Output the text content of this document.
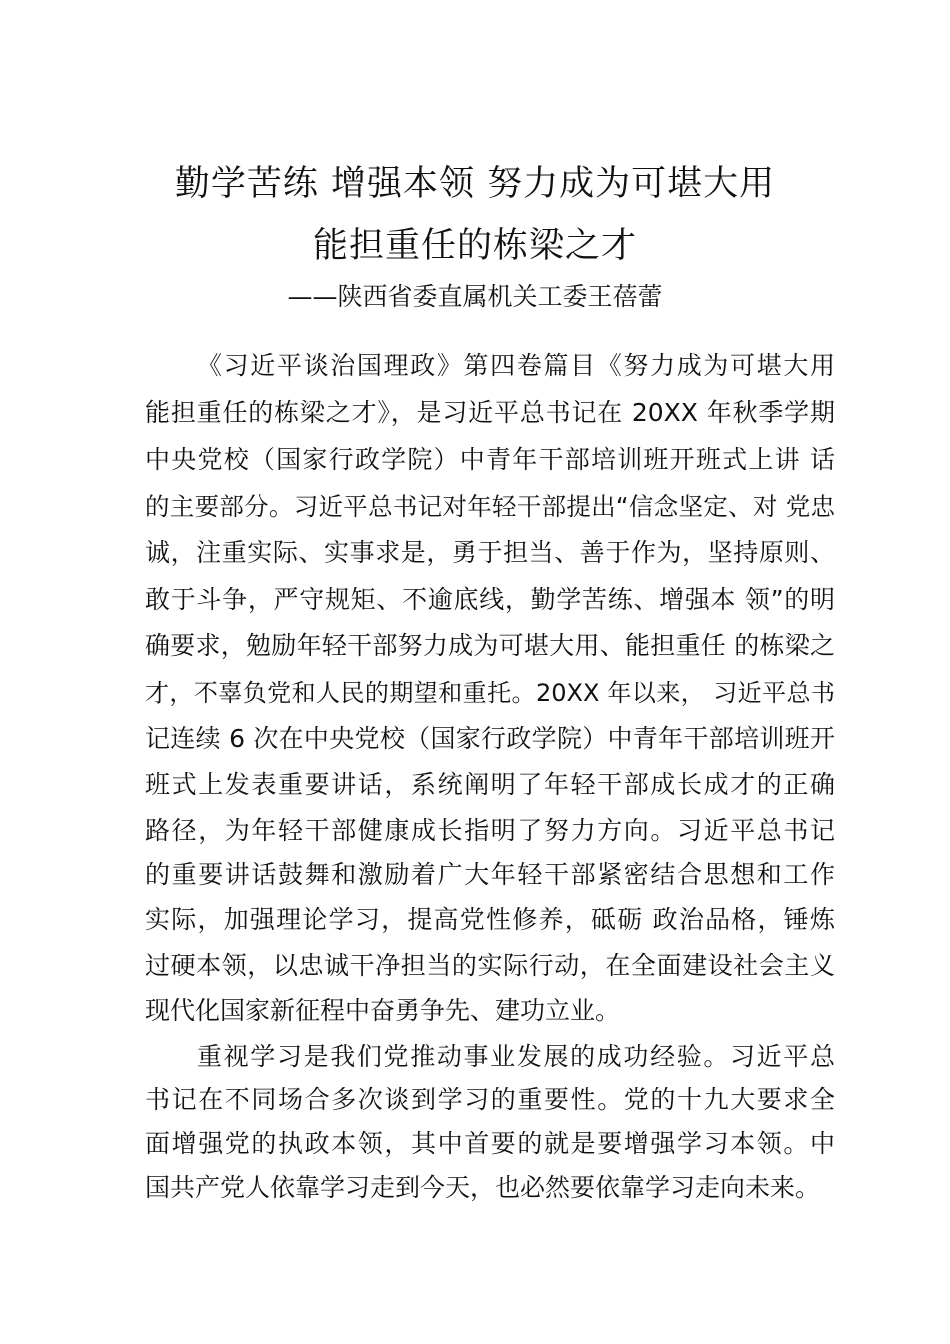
勤学苦练 增强本领 努力成为可堪大用
能担重任的栋梁之才
——陕西省委直属机关工委王蓓蕾
《习近平谈治国理政》第四卷篇目《努力成为可堪大用
能担重任的栋梁之才》，是习近平总书记在 20XX 年秋季学期
中央党校（国家行政学院）中青年干部培训班开班式上讲 话
的主要部分。习近平总书记对年轻干部提出“信念坚定、对 党忠
诚，注重实际、实事求是，勇于担当、善于作为，坚持原则、
敢于斗争，严守规矩、不逾底线，勤学苦练、增强本 领”的明
确要求，勉励年轻干部努力成为可堪大用、能担重任 的栋梁之
才，不辜负党和人民的期望和重托。20XX 年以来， 习近平总书
记连续 6 次在中央党校（国家行政学院）中青年干部培训班开
班式上发表重要讲话，系统阐明了年轻干部成长成才的正确
路径，为年轻干部健康成长指明了努力方向。习近平总书记
的重要讲话鼓舞和激励着广大年轻干部紧密结合思想和工作
实际，加强理论学习，提高党性修养，砥砺 政治品格，锤炼
过硬本领，以忠诚干净担当的实际行动，在全面建设社会主义
现代化国家新征程中奋勇争先、建功立业。
重视学习是我们党推动事业发展的成功经验。习近平总
书记在不同场合多次谈到学习的重要性。党的十九大要求全
面增强党的执政本领，其中首要的就是要增强学习本领。中
国共产党人依靠学习走到今天，也必然要依靠学习走向未来。
